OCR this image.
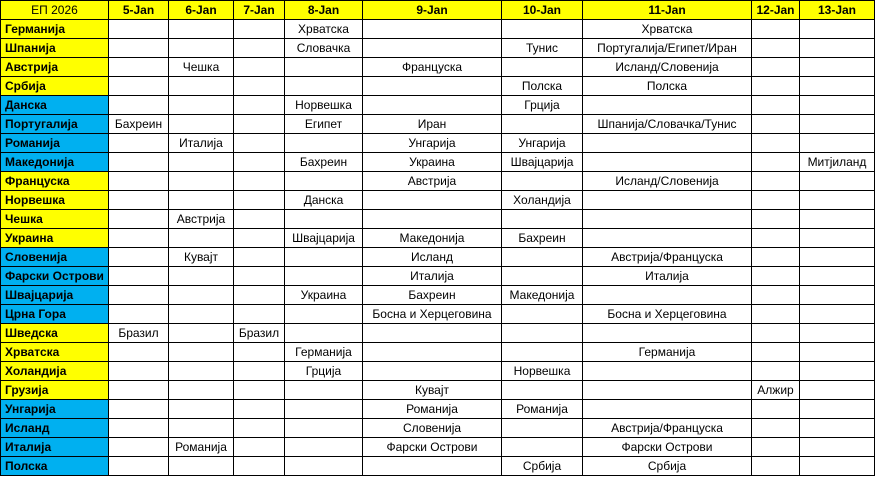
ЕП 2026	5-Jan	6-Jan	7-Jan	8-Jan	9-Jan	10-Jan	11-Jan	12-Jan	13-Jan
Германија				Хрватска			Хрватска		
Шпанија				Словачка		Тунис	Португалија/Египет/Иран		
Австрија		Чешка			Француска		Исланд/Словенија		
Србија						Полска	Полска		
Данска				Норвешка		Грција			
Португалија	Бахреин			Египет	Иран		Шпанија/Словачка/Тунис		
Романија		Италија			Унгарија	Унгарија			
Македонија				Бахреин	Украина	Швајцарија			Митјиланд
Француска					Австрија		Исланд/Словенија		
Норвешка				Данска		Холандија			
Чешка		Австрија							
Украина				Швајцарија	Македонија	Бахреин			
Словенија		Кувајт			Исланд		Австрија/Француска		
Фарски Острови					Италија		Италија		
Швајцарија				Украина	Бахреин	Македонија			
Црна Гора					Босна и Херцеговина		Босна и Херцеговина		
Шведска	Бразил		Бразил						
Хрватска				Германија			Германија		
Холандија				Грција		Норвешка			
Грузија					Кувајт			Алжир	
Унгарија					Романија	Романија			
Исланд					Словенија		Австрија/Француска		
Италија		Романија			Фарски Острови		Фарски Острови		
Полска						Србија	Србија		
